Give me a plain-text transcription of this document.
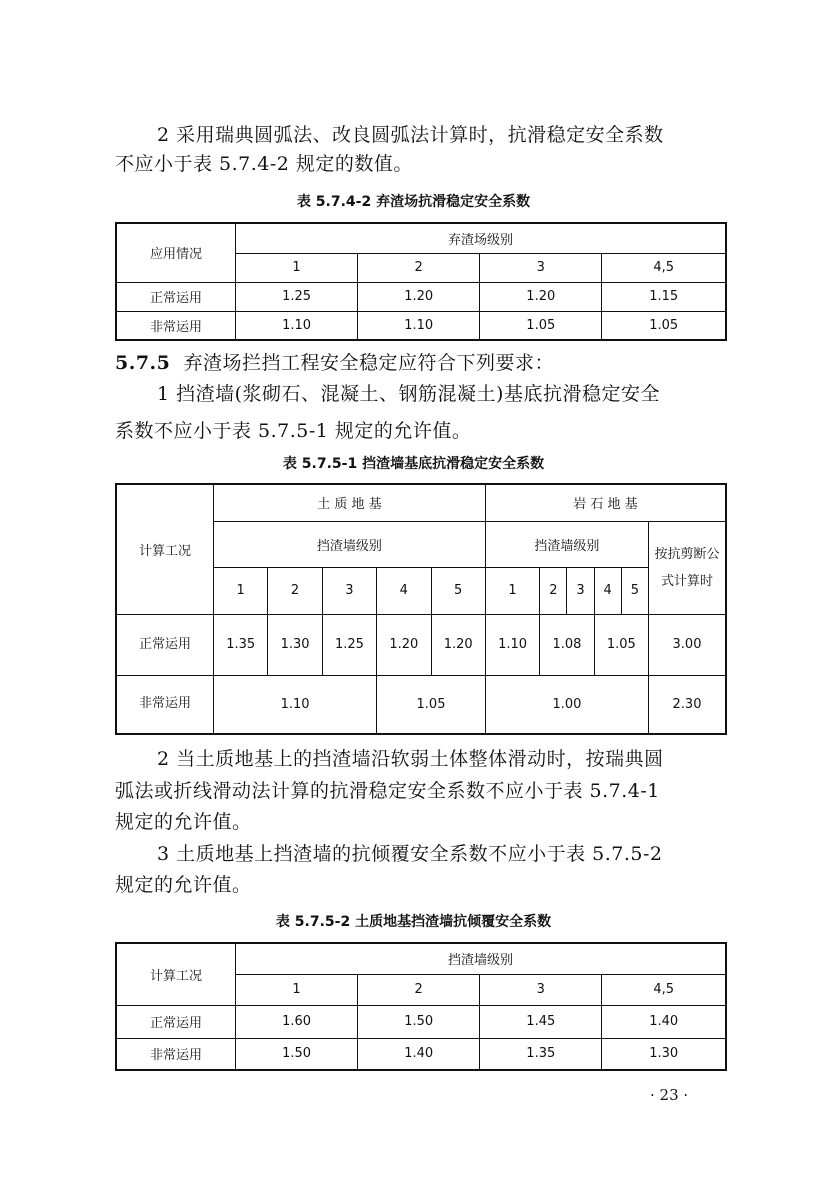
2 采用瑞典圆弧法、改良圆弧法计算时，抗滑稳定安全系数
不应小于表 5.7.4-2 规定的数值。
表 5.7.4-2 弃渣场抗滑稳定安全系数
应用情况	弃渣场级别			
	1	2	3	4,5
正常运用	1.25	1.20	1.20	1.15
非常运用	1.10	1.10	1.05	1.05
5.7.5 弃渣场拦挡工程安全稳定应符合下列要求：
1 挡渣墙(浆砌石、混凝土、钢筋混凝土)基底抗滑稳定安全
系数不应小于表 5.7.5-1 规定的允许值。
表 5.7.5-1 挡渣墙基底抗滑稳定安全系数
计算工况	土 质 地 基					岩 石 地 基					
	挡渣墙级别					挡渣墙级别					按抗剪断公式计算时
	1	2	3	4	5	1	2	3	4	5	
正常运用	1.35	1.30	1.25	1.20	1.20	1.10	1.08		1.05		3.00
非常运用	1.10			1.05		1.00					2.30
2 当土质地基上的挡渣墙沿软弱土体整体滑动时，按瑞典圆
弧法或折线滑动法计算的抗滑稳定安全系数不应小于表 5.7.4-1
规定的允许值。
3 土质地基上挡渣墙的抗倾覆安全系数不应小于表 5.7.5-2
规定的允许值。
表 5.7.5-2 土质地基挡渣墙抗倾覆安全系数
计算工况	挡渣墙级别			
	1	2	3	4,5
正常运用	1.60	1.50	1.45	1.40
非常运用	1.50	1.40	1.35	1.30
· 23 ·
